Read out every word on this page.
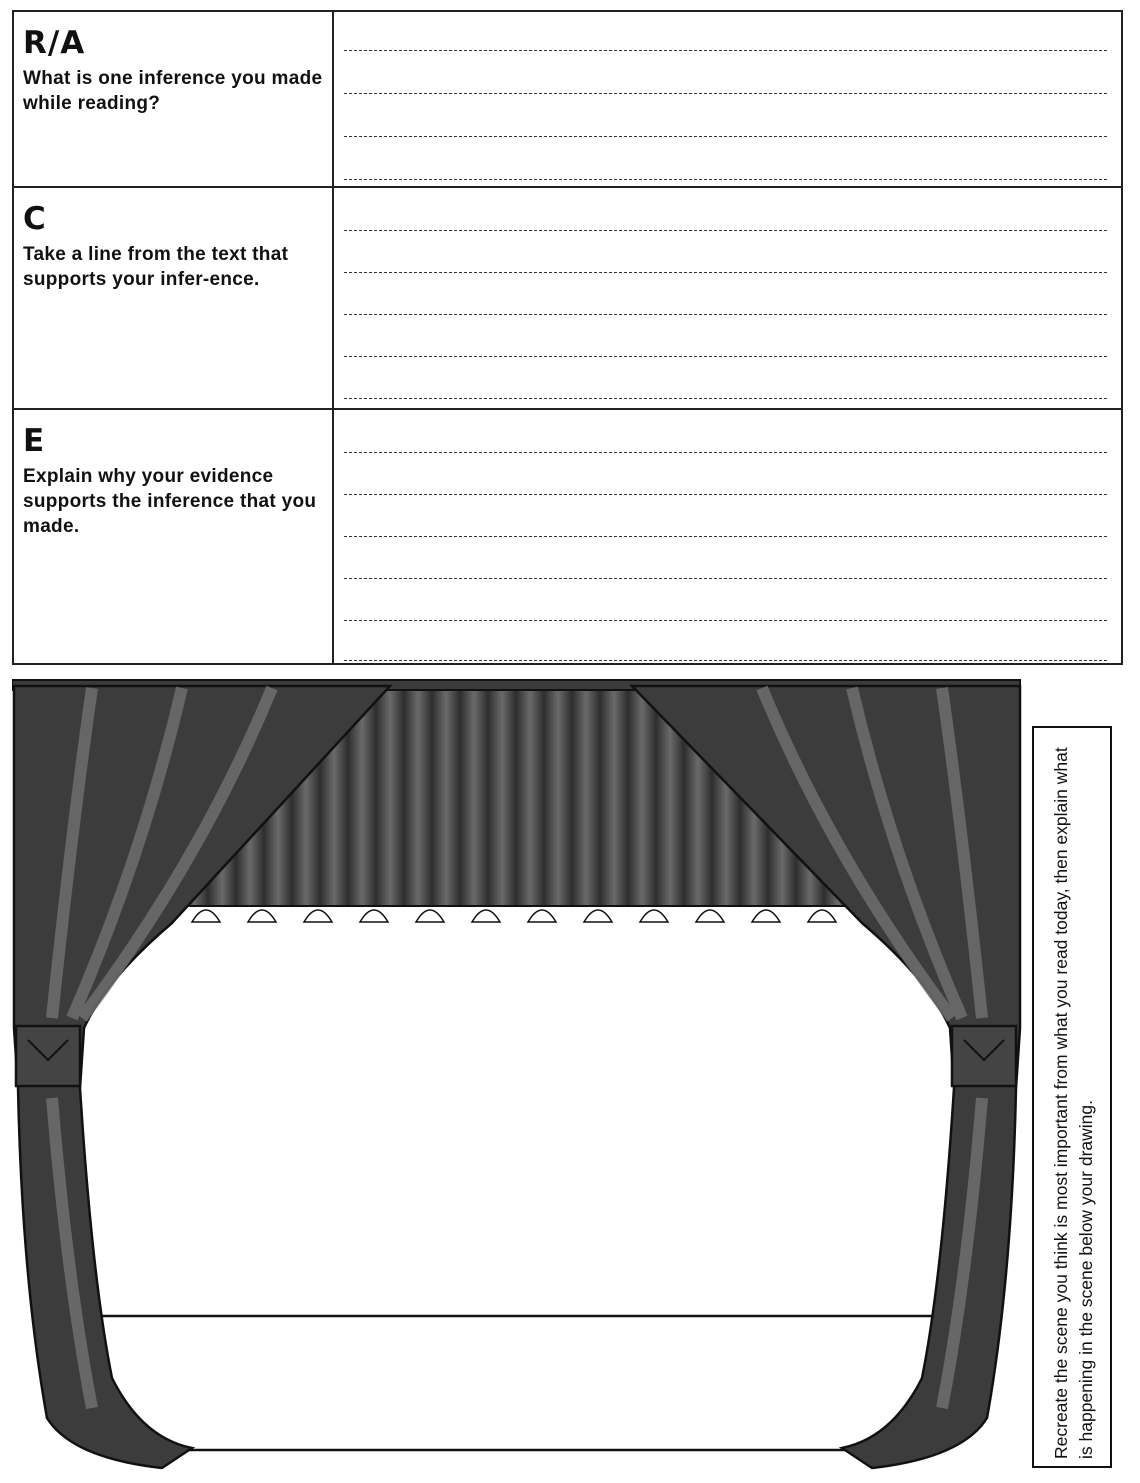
R/A
What is one inference you made while reading?
C
Take a line from the text that supports your infer-ence.
E
Explain why your evidence supports the inference that you made.
Recreate the scene you think is most important from what you read today, then explain what is happening in the scene below your drawing.
